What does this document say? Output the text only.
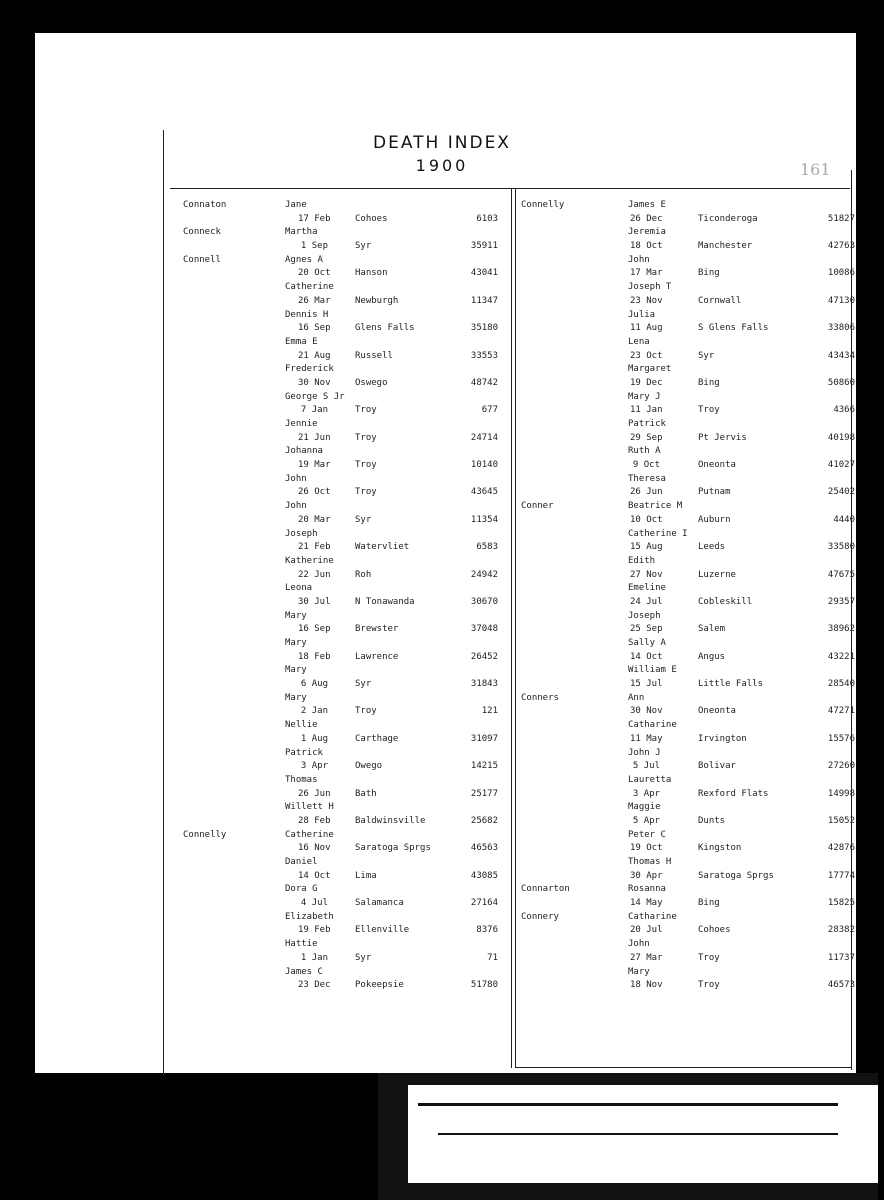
DEATH INDEX
1900	161
Connaton	Jane
17 Feb	Cohoes	6103
Conneck	Martha
1 Sep	Syr	35911
Connell	Agnes A
20 Oct	Hanson	43041
Catherine
26 Mar	Newburgh	11347
Dennis H
16 Sep	Glens Falls	35180
Emma E
21 Aug	Russell	33553
Frederick
30 Nov	Oswego	48742
George S Jr
7 Jan	Troy	677
Jennie
21 Jun	Troy	24714
Johanna
19 Mar	Troy	10140
John
26 Oct	Troy	43645
John
20 Mar	Syr	11354
Joseph
21 Feb	Watervliet	6583
Katherine
22 Jun	Roh	24942
Leona
30 Jul	N Tonawanda	30670
Mary
16 Sep	Brewster	37048
Mary
18 Feb	Lawrence	26452
Mary
6 Aug	Syr	31843
Mary
2 Jan	Troy	121
Nellie
1 Aug	Carthage	31097
Patrick
3 Apr	Owego	14215
Thomas
26 Jun	Bath	25177
Willett H
28 Feb	Baldwinsville	25682
Connelly	Catherine
16 Nov	Saratoga Sprgs	46563
Daniel
14 Oct	Lima	43085
Dora G
4 Jul	Salamanca	27164
Elizabeth
19 Feb	Ellenville	8376
Hattie
1 Jan	Syr	71
James C
23 Dec	Pokeepsie	51780
Connelly	James E
26 Dec	Ticonderoga	51827
Jeremia
18 Oct	Manchester	42763
John
17 Mar	Bing	10086
Joseph T
23 Nov	Cornwall	47130
Julia
11 Aug	S Glens Falls	33806
Lena
23 Oct	Syr	43434
Margaret
19 Dec	Bing	50860
Mary J
11 Jan	Troy	4366
Patrick
29 Sep	Pt Jervis	40198
Ruth A
9 Oct	Oneonta	41027
Theresa
26 Jun	Putnam	25402
Conner	Beatrice M
10 Oct	Auburn	4440
Catherine I
15 Aug	Leeds	33580
Edith
27 Nov	Luzerne	47675
Emeline
24 Jul	Cobleskill	29357
Joseph
25 Sep	Salem	38962
Sally A
14 Oct	Angus	43221
William E
15 Jul	Little Falls	28540
Conners	Ann
30 Nov	Oneonta	47271
Catharine
11 May	Irvington	15576
John J
5 Jul	Bolivar	27260
Lauretta
3 Apr	Rexford Flats	14998
Maggie
5 Apr	Dunts	15052
Peter C
19 Oct	Kingston	42876
Thomas H
30 Apr	Saratoga Sprgs	17774
Connarton	Rosanna
14 May	Bing	15825
Connery	Catharine
20 Jul	Cohoes	28382
John
27 Mar	Troy	11737
Mary
18 Nov	Troy	46573
